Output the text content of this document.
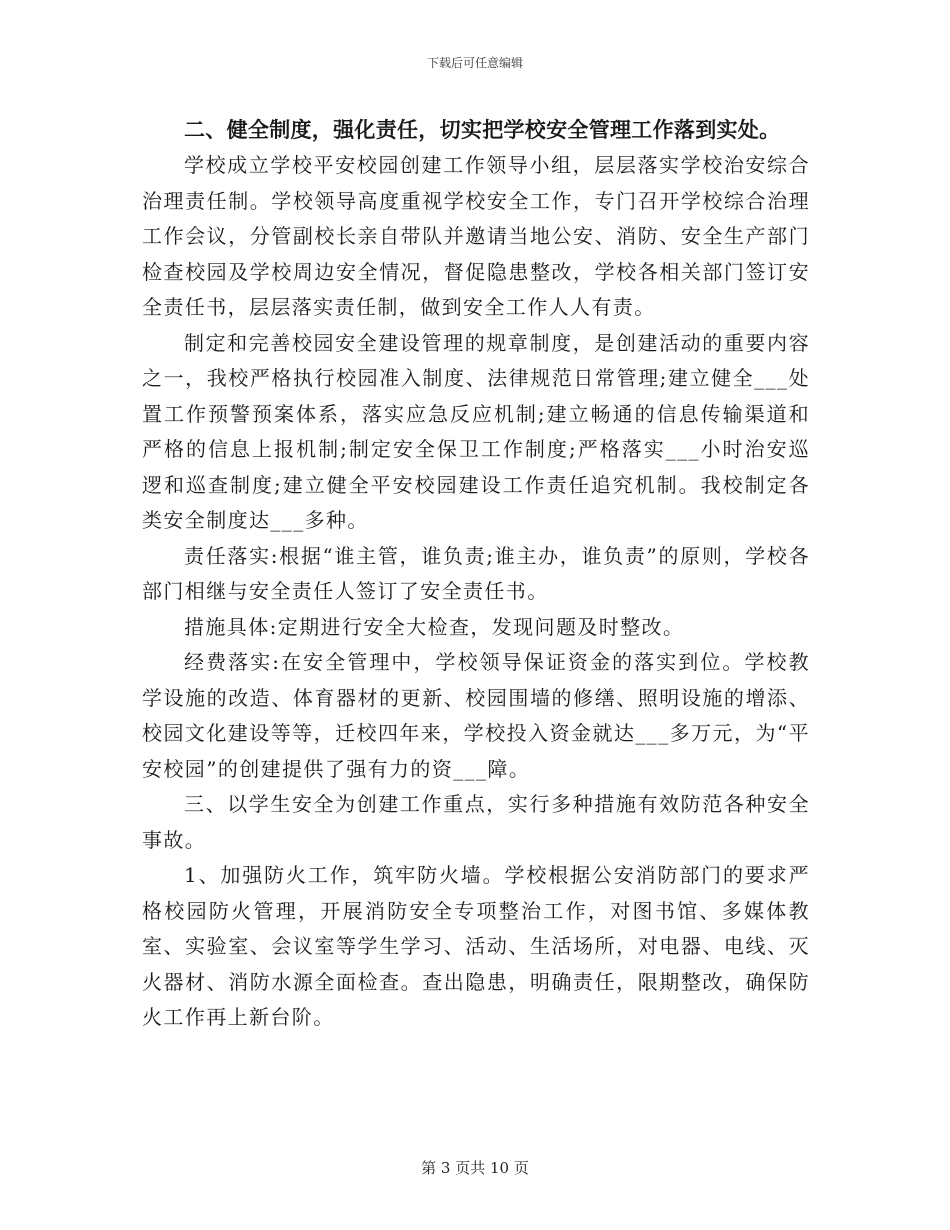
下载后可任意编辑

二、健全制度，强化责任，切实把学校安全管理工作落到实处。

学校成立学校平安校园创建工作领导小组，层层落实学校治安综合治理责任制。学校领导高度重视学校安全工作，专门召开学校综合治理工作会议，分管副校长亲自带队并邀请当地公安、消防、安全生产部门检查校园及学校周边安全情况，督促隐患整改，学校各相关部门签订安全责任书，层层落实责任制，做到安全工作人人有责。

制定和完善校园安全建设管理的规章制度，是创建活动的重要内容之一，我校严格执行校园准入制度、法律规范日常管理;建立健全___处置工作预警预案体系，落实应急反应机制;建立畅通的信息传输渠道和严格的信息上报机制;制定安全保卫工作制度;严格落实___小时治安巡逻和巡查制度;建立健全平安校园建设工作责任追究机制。我校制定各类安全制度达___多种。

责任落实:根据“谁主管，谁负责;谁主办，谁负责”的原则，学校各部门相继与安全责任人签订了安全责任书。

措施具体:定期进行安全大检查，发现问题及时整改。

经费落实:在安全管理中，学校领导保证资金的落实到位。学校教学设施的改造、体育器材的更新、校园围墙的修缮、照明设施的增添、校园文化建设等等，迁校四年来，学校投入资金就达___多万元，为“平安校园”的创建提供了强有力的资___障。

三、以学生安全为创建工作重点，实行多种措施有效防范各种安全事故。

1、加强防火工作，筑牢防火墙。学校根据公安消防部门的要求严格校园防火管理，开展消防安全专项整治工作，对图书馆、多媒体教室、实验室、会议室等学生学习、活动、生活场所，对电器、电线、灭火器材、消防水源全面检查。查出隐患，明确责任，限期整改，确保防火工作再上新台阶。

第 3 页共 10 页
